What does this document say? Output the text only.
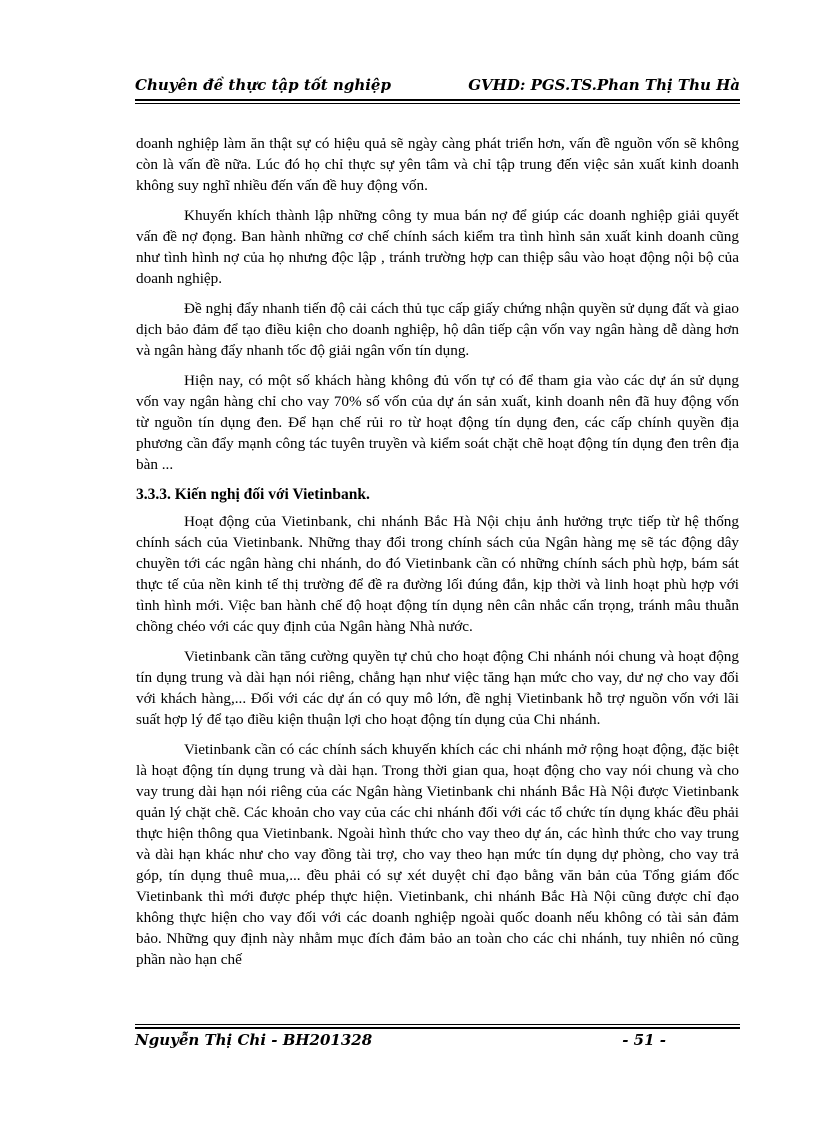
Chuyên đề thực tập tốt nghiệp	GVHD: PGS.TS.Phan Thị Thu Hà

doanh nghiệp làm ăn thật sự có hiệu quả sẽ ngày càng phát triển hơn, vấn đề nguồn vốn sẽ không còn là vấn đề nữa. Lúc đó họ chỉ thực sự yên tâm và chỉ tập trung đến việc sản xuất kinh doanh không suy nghĩ nhiều đến vấn đề huy động vốn.

Khuyến khích thành lập những công ty mua bán nợ để giúp các doanh nghiệp giải quyết vấn đề nợ đọng. Ban hành những cơ chế chính sách kiểm tra tình hình sản xuất kinh doanh cũng như tình hình nợ của họ nhưng độc lập , tránh trường hợp can thiệp sâu vào hoạt động nội bộ của doanh nghiệp.

Đề nghị đẩy nhanh tiến độ cải cách thủ tục cấp giấy chứng nhận quyền sử dụng đất và giao dịch bảo đảm để tạo điều kiện cho doanh nghiệp, hộ dân tiếp cận vốn vay ngân hàng dễ dàng hơn và ngân hàng đẩy nhanh tốc độ giải ngân vốn tín dụng.

Hiện nay, có một số khách hàng không đủ vốn tự có để tham gia vào các dự án sử dụng vốn vay ngân hàng chỉ cho vay 70% số vốn của dự án sản xuất, kinh doanh nên đã huy động vốn từ nguồn tín dụng đen. Để hạn chế rủi ro từ hoạt động tín dụng đen, các cấp chính quyền địa phương cần đẩy mạnh công tác tuyên truyền và kiểm soát chặt chẽ hoạt động tín dụng đen trên địa bàn ...

3.3.3. Kiến nghị đối với Vietinbank.

Hoạt động của Vietinbank, chi nhánh Bắc Hà Nội chịu ảnh hưởng trực tiếp từ hệ thống chính sách của Vietinbank. Những thay đổi trong chính sách của Ngân hàng mẹ sẽ tác động dây chuyền tới các ngân hàng chi nhánh, do đó Vietinbank cần có những chính sách phù hợp, bám sát thực tế của nền kinh tế thị trường để đề ra đường lối đúng đắn, kịp thời và linh hoạt phù hợp với tình hình mới. Việc ban hành chế độ hoạt động tín dụng nên cân nhắc cẩn trọng, tránh mâu thuẫn chồng chéo với các quy định của Ngân hàng Nhà nước.

Vietinbank cần tăng cường quyền tự chủ cho hoạt động Chi nhánh nói chung và hoạt động tín dụng trung và dài hạn nói riêng, chẳng hạn như việc tăng hạn mức cho vay, dư nợ cho vay đối với khách hàng,... Đối với các dự án có quy mô lớn, đề nghị Vietinbank hỗ trợ nguồn vốn với lãi suất hợp lý để tạo điều kiện thuận lợi cho hoạt động tín dụng của Chi nhánh.

Vietinbank cần có các chính sách khuyến khích các chi nhánh mở rộng hoạt động, đặc biệt là hoạt động tín dụng trung và dài hạn. Trong thời gian qua, hoạt động cho vay nói chung và cho vay trung dài hạn nói riêng của các Ngân hàng Vietinbank chi nhánh Bắc Hà Nội được Vietinbank quản lý chặt chẽ. Các khoản cho vay của các chi nhánh đối với các tổ chức tín dụng khác đều phải thực hiện thông qua Vietinbank. Ngoài hình thức cho vay theo dự án, các hình thức cho vay trung và dài hạn khác như cho vay đồng tài trợ, cho vay theo hạn mức tín dụng dự phòng, cho vay trả góp, tín dụng thuê mua,... đều phải có sự xét duyệt chỉ đạo bằng văn bản của Tổng giám đốc Vietinbank thì mới được phép thực hiện. Vietinbank, chi nhánh Bắc Hà Nội cũng được chỉ đạo không thực hiện cho vay đối với các doanh nghiệp ngoài quốc doanh nếu không có tài sản đảm bảo. Những quy định này nhằm mục đích đảm bảo an toàn cho các chi nhánh, tuy nhiên nó cũng phần nào hạn chế

Nguyễn Thị Chi - BH201328	- 51 -
